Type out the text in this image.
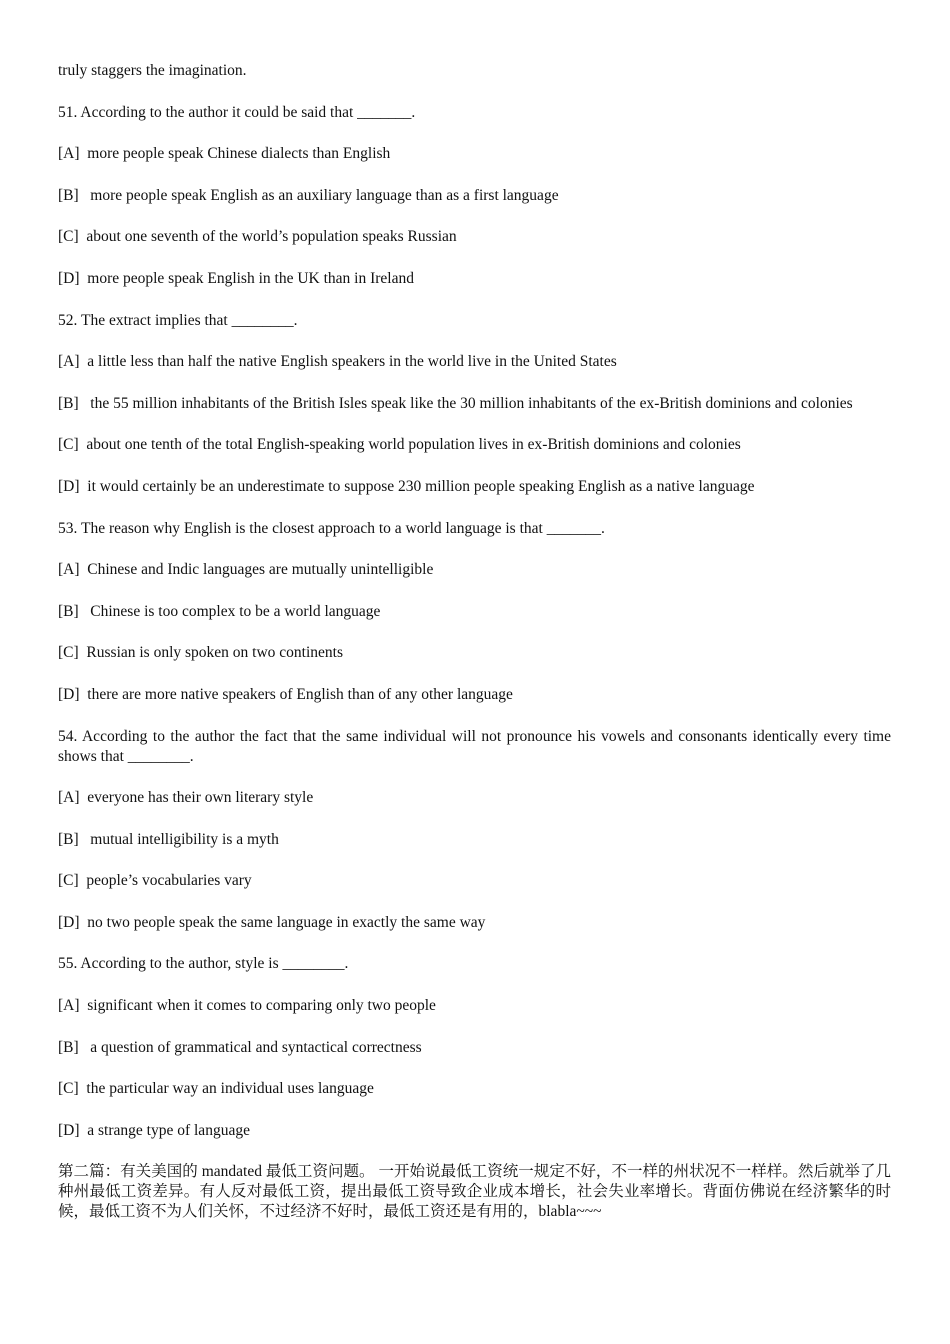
truly staggers the imagination.

51. According to the author it could be said that _______.

[A]  more people speak Chinese dialects than English

[B]   more people speak English as an auxiliary language than as a first language

[C]  about one seventh of the world’s population speaks Russian

[D]  more people speak English in the UK than in Ireland

52. The extract implies that ________.

[A]  a little less than half the native English speakers in the world live in the United States

[B]   the 55 million inhabitants of the British Isles speak like the 30 million inhabitants of the ex-British dominions and colonies

[C]  about one tenth of the total English-speaking world population lives in ex-British dominions and colonies

[D]  it would certainly be an underestimate to suppose 230 million people speaking English as a native language

53. The reason why English is the closest approach to a world language is that _______.

[A]  Chinese and Indic languages are mutually unintelligible

[B]   Chinese is too complex to be a world language

[C]  Russian is only spoken on two continents

[D]  there are more native speakers of English than of any other language

54. According to the author the fact that the same individual will not pronounce his vowels and consonants identically every time shows that ________.

[A]  everyone has their own literary style

[B]   mutual intelligibility is a myth

[C]  people’s vocabularies vary

[D]  no two people speak the same language in exactly the same way

55. According to the author, style is ________.

[A]  significant when it comes to comparing only two people

[B]   a question of grammatical and syntactical correctness

[C]  the particular way an individual uses language

[D]  a strange type of language

第二篇：有关美国的 mandated 最低工资问题。 一开始说最低工资统一规定不好，不一样的州状况不一样样。然后就举了几种州最低工资差异。有人反对最低工资，提出最低工资导致企业成本增长，社会失业率增长。背面仿佛说在经济繁华的时候，最低工资不为人们关怀，不过经济不好时，最低工资还是有用的，blabla~~~
